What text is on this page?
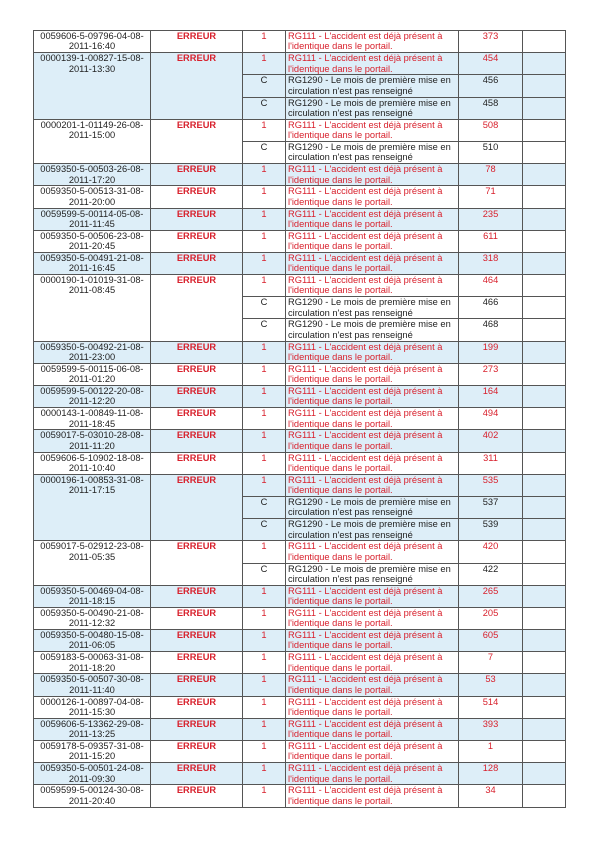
0059606-5-09796-04-08-2011-16:40	ERREUR	1	RG111 - L'accident est déjà présent à l'identique dans le portail.	373	
0000139-1-00827-15-08-2011-13:30	ERREUR	1	RG111 - L'accident est déjà présent à l'identique dans le portail.	454	
		C	RG1290 - Le mois de première mise en circulation n'est pas renseigné	456	
		C	RG1290 - Le mois de première mise en circulation n'est pas renseigné	458	
0000201-1-01149-26-08-2011-15:00	ERREUR	1	RG111 - L'accident est déjà présent à l'identique dans le portail.	508	
		C	RG1290 - Le mois de première mise en circulation n'est pas renseigné	510	
0059350-5-00503-26-08-2011-17:20	ERREUR	1	RG111 - L'accident est déjà présent à l'identique dans le portail.	78	
0059350-5-00513-31-08-2011-20:00	ERREUR	1	RG111 - L'accident est déjà présent à l'identique dans le portail.	71	
0059599-5-00114-05-08-2011-11:45	ERREUR	1	RG111 - L'accident est déjà présent à l'identique dans le portail.	235	
0059350-5-00506-23-08-2011-20:45	ERREUR	1	RG111 - L'accident est déjà présent à l'identique dans le portail.	611	
0059350-5-00491-21-08-2011-16:45	ERREUR	1	RG111 - L'accident est déjà présent à l'identique dans le portail.	318	
0000190-1-01019-31-08-2011-08:45	ERREUR	1	RG111 - L'accident est déjà présent à l'identique dans le portail.	464	
		C	RG1290 - Le mois de première mise en circulation n'est pas renseigné	466	
		C	RG1290 - Le mois de première mise en circulation n'est pas renseigné	468	
0059350-5-00492-21-08-2011-23:00	ERREUR	1	RG111 - L'accident est déjà présent à l'identique dans le portail.	199	
0059599-5-00115-06-08-2011-01:20	ERREUR	1	RG111 - L'accident est déjà présent à l'identique dans le portail.	273	
0059599-5-00122-20-08-2011-12:20	ERREUR	1	RG111 - L'accident est déjà présent à l'identique dans le portail.	164	
0000143-1-00849-11-08-2011-18:45	ERREUR	1	RG111 - L'accident est déjà présent à l'identique dans le portail.	494	
0059017-5-03010-28-08-2011-11:20	ERREUR	1	RG111 - L'accident est déjà présent à l'identique dans le portail.	402	
0059606-5-10902-18-08-2011-10:40	ERREUR	1	RG111 - L'accident est déjà présent à l'identique dans le portail.	311	
0000196-1-00853-31-08-2011-17:15	ERREUR	1	RG111 - L'accident est déjà présent à l'identique dans le portail.	535	
		C	RG1290 - Le mois de première mise en circulation n'est pas renseigné	537	
		C	RG1290 - Le mois de première mise en circulation n'est pas renseigné	539	
0059017-5-02912-23-08-2011-05:35	ERREUR	1	RG111 - L'accident est déjà présent à l'identique dans le portail.	420	
		C	RG1290 - Le mois de première mise en circulation n'est pas renseigné	422	
0059350-5-00469-04-08-2011-18:15	ERREUR	1	RG111 - L'accident est déjà présent à l'identique dans le portail.	265	
0059350-5-00490-21-08-2011-12:32	ERREUR	1	RG111 - L'accident est déjà présent à l'identique dans le portail.	205	
0059350-5-00480-15-08-2011-06:05	ERREUR	1	RG111 - L'accident est déjà présent à l'identique dans le portail.	605	
0059183-5-00063-31-08-2011-18:20	ERREUR	1	RG111 - L'accident est déjà présent à l'identique dans le portail.	7	
0059350-5-00507-30-08-2011-11:40	ERREUR	1	RG111 - L'accident est déjà présent à l'identique dans le portail.	53	
0000126-1-00897-04-08-2011-15:30	ERREUR	1	RG111 - L'accident est déjà présent à l'identique dans le portail.	514	
0059606-5-13362-29-08-2011-13:25	ERREUR	1	RG111 - L'accident est déjà présent à l'identique dans le portail.	393	
0059178-5-09357-31-08-2011-15:20	ERREUR	1	RG111 - L'accident est déjà présent à l'identique dans le portail.	1	
0059350-5-00501-24-08-2011-09:30	ERREUR	1	RG111 - L'accident est déjà présent à l'identique dans le portail.	128	
0059599-5-00124-30-08-2011-20:40	ERREUR	1	RG111 - L'accident est déjà présent à l'identique dans le portail.	34	
